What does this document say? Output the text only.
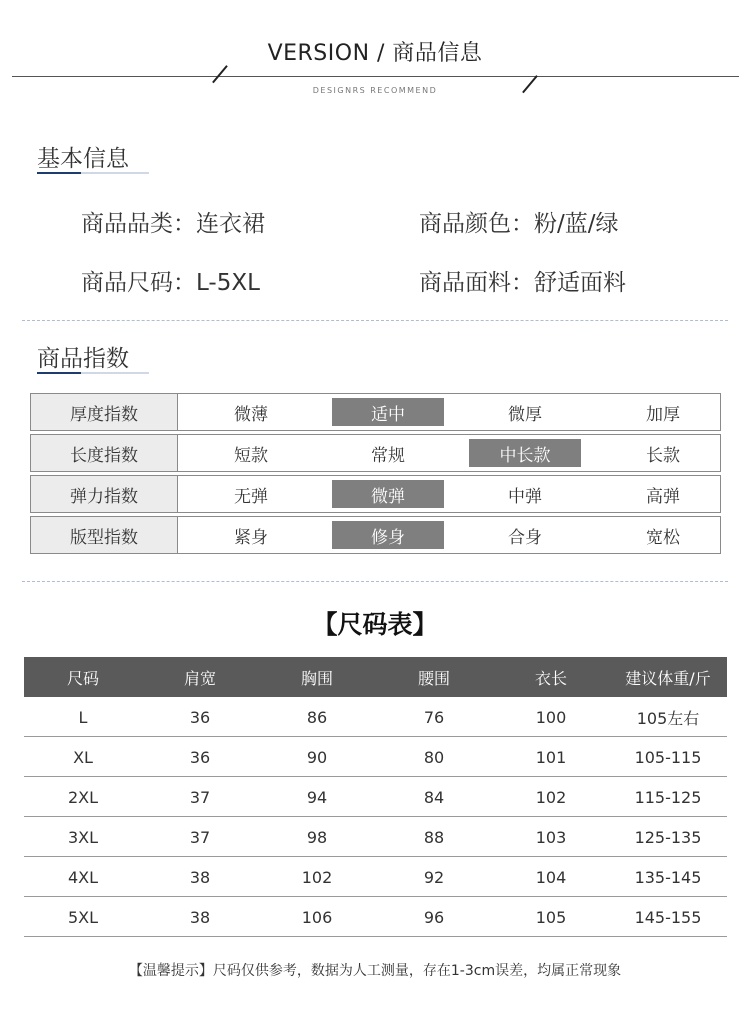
VERSION / 商品信息
DESIGNRS RECOMMEND
基本信息
商品品类：连衣裙	商品颜色：粉/蓝/绿
商品尺码：L-5XL	商品面料：舒适面料
商品指数
厚度指数	微薄	适中	微厚	加厚
长度指数	短款	常规	中长款	长款
弹力指数	无弹	微弹	中弹	高弹
版型指数	紧身	修身	合身	宽松
【尺码表】
尺码	肩宽	胸围	腰围	衣长	建议体重/斤
L	36	86	76	100	105左右
XL	36	90	80	101	105-115
2XL	37	94	84	102	115-125
3XL	37	98	88	103	125-135
4XL	38	102	92	104	135-145
5XL	38	106	96	105	145-155
【温馨提示】尺码仅供参考，数据为人工测量，存在1-3cm误差，均属正常现象
